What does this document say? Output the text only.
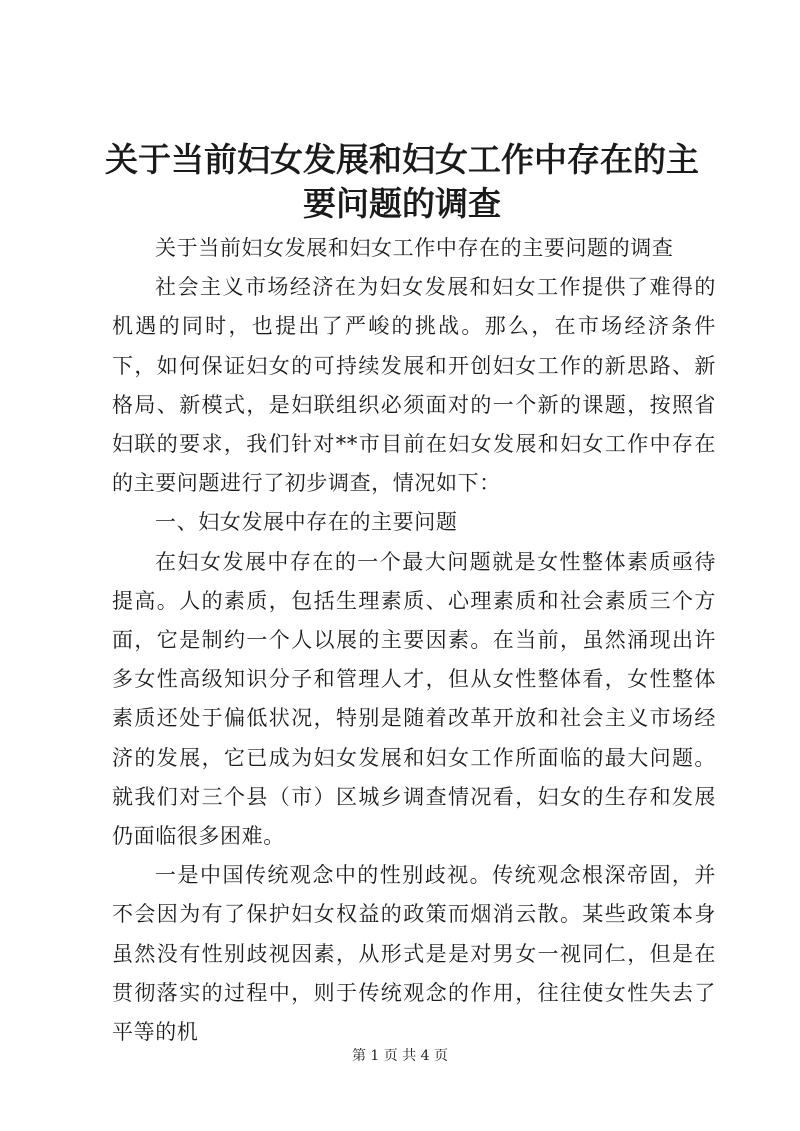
关于当前妇女发展和妇女工作中存在的主要问题的调查

关于当前妇女发展和妇女工作中存在的主要问题的调查

社会主义市场经济在为妇女发展和妇女工作提供了难得的机遇的同时，也提出了严峻的挑战。那么，在市场经济条件下，如何保证妇女的可持续发展和开创妇女工作的新思路、新格局、新模式，是妇联组织必须面对的一个新的课题，按照省妇联的要求，我们针对**市目前在妇女发展和妇女工作中存在的主要问题进行了初步调查，情况如下：

一、妇女发展中存在的主要问题

在妇女发展中存在的一个最大问题就是女性整体素质亟待提高。人的素质，包括生理素质、心理素质和社会素质三个方面，它是制约一个人以展的主要因素。在当前，虽然涌现出许多女性高级知识分子和管理人才，但从女性整体看，女性整体素质还处于偏低状况，特别是随着改革开放和社会主义市场经济的发展，它已成为妇女发展和妇女工作所面临的最大问题。就我们对三个县（市）区城乡调查情况看，妇女的生存和发展仍面临很多困难。

一是中国传统观念中的性别歧视。传统观念根深帝固，并不会因为有了保护妇女权益的政策而烟消云散。某些政策本身虽然没有性别歧视因素，从形式是是对男女一视同仁，但是在贯彻落实的过程中，则于传统观念的作用，往往使女性失去了平等的机

第 1 页 共 4 页
